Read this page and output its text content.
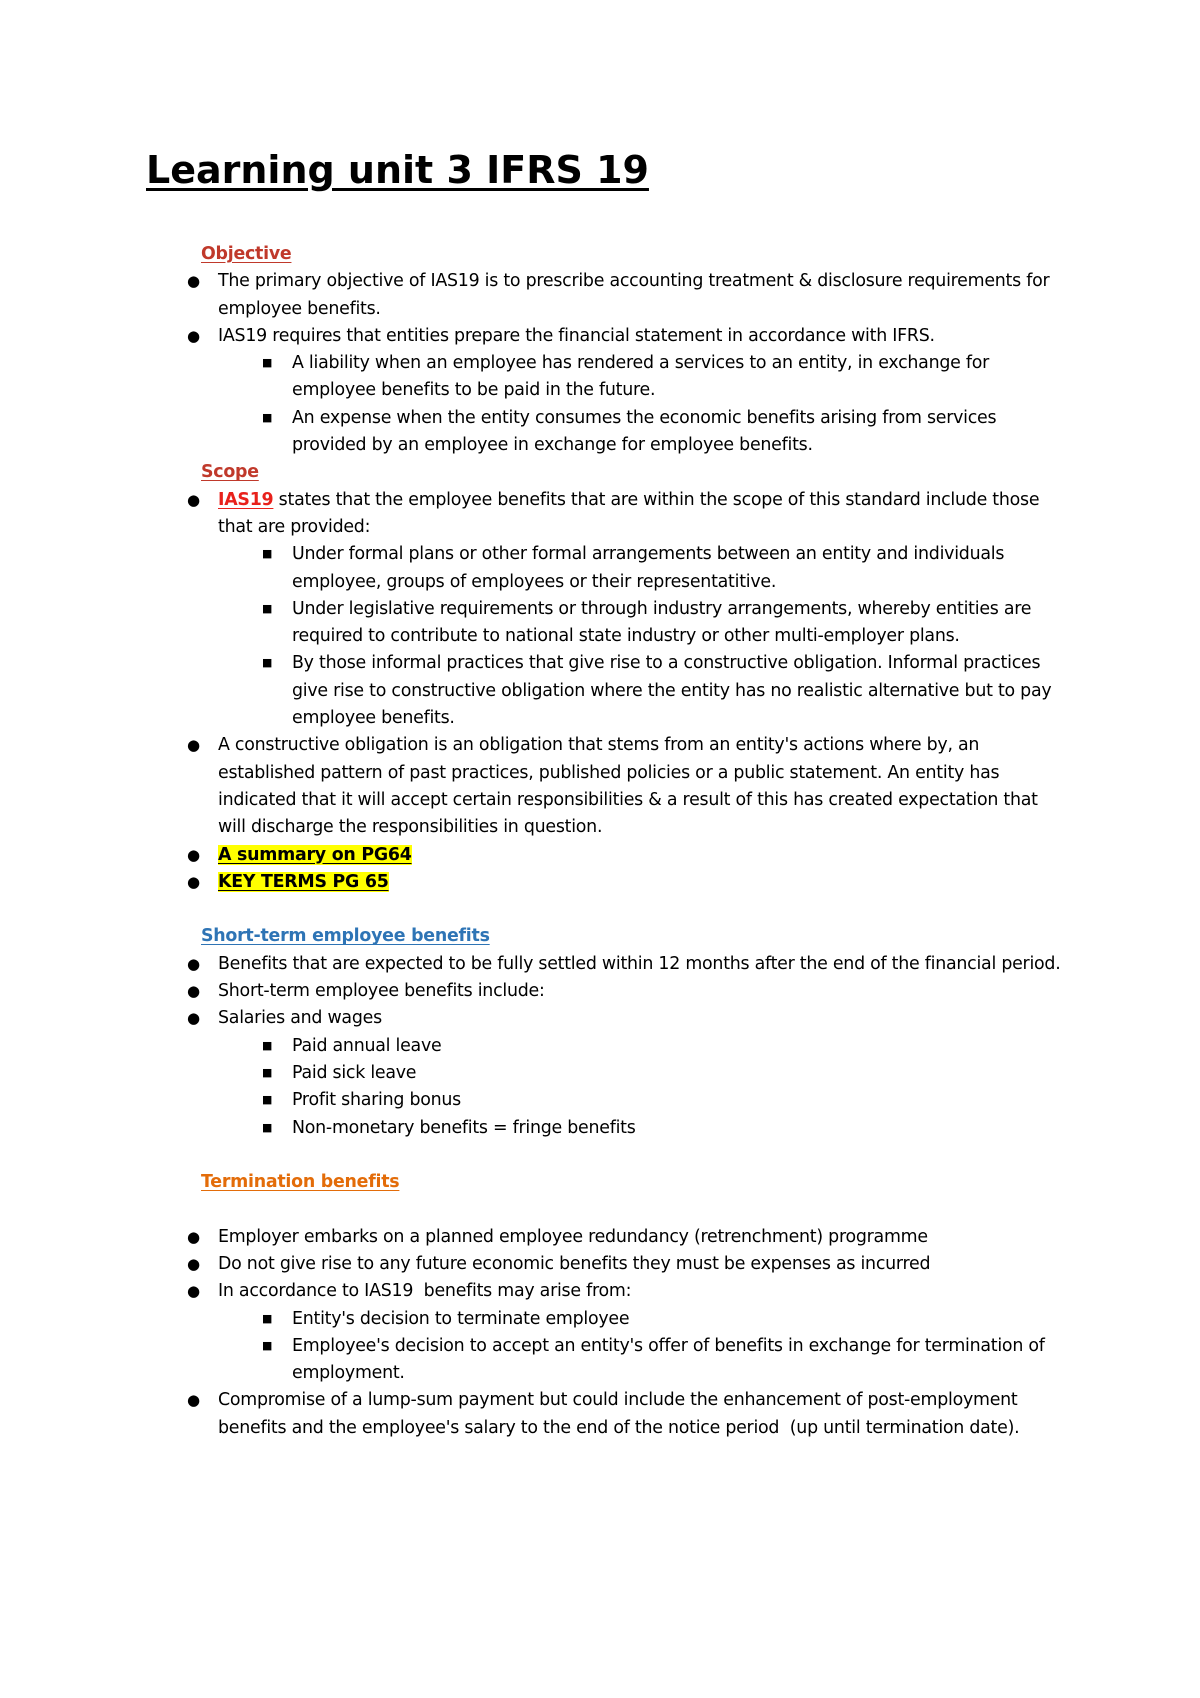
Learning unit 3 IFRS 19
Objective
● The primary objective of IAS19 is to prescribe accounting treatment & disclosure requirements for employee benefits.
● IAS19 requires that entities prepare the financial statement in accordance with IFRS.
■ A liability when an employee has rendered a services to an entity, in exchange for employee benefits to be paid in the future.
■ An expense when the entity consumes the economic benefits arising from services provided by an employee in exchange for employee benefits.
Scope
● IAS19 states that the employee benefits that are within the scope of this standard include those that are provided:
■ Under formal plans or other formal arrangements between an entity and individuals employee, groups of employees or their representatitive.
■ Under legislative requirements or through industry arrangements, whereby entities are required to contribute to national state industry or other multi-employer plans.
■ By those informal practices that give rise to a constructive obligation. Informal practices give rise to constructive obligation where the entity has no realistic alternative but to pay employee benefits.
● A constructive obligation is an obligation that stems from an entity's actions where by, an established pattern of past practices, published policies or a public statement. An entity has indicated that it will accept certain responsibilities & a result of this has created expectation that will discharge the responsibilities in question.
● A summary on PG64
● KEY TERMS PG 65
Short-term employee benefits
● Benefits that are expected to be fully settled within 12 months after the end of the financial period.
● Short-term employee benefits include:
● Salaries and wages
■ Paid annual leave
■ Paid sick leave
■ Profit sharing bonus
■ Non-monetary benefits = fringe benefits
Termination benefits
● Employer embarks on a planned employee redundancy (retrenchment) programme
● Do not give rise to any future economic benefits they must be expenses as incurred
● In accordance to IAS19  benefits may arise from:
■ Entity's decision to terminate employee
■ Employee's decision to accept an entity's offer of benefits in exchange for termination of employment.
● Compromise of a lump-sum payment but could include the enhancement of post-employment benefits and the employee's salary to the end of the notice period  (up until termination date).
